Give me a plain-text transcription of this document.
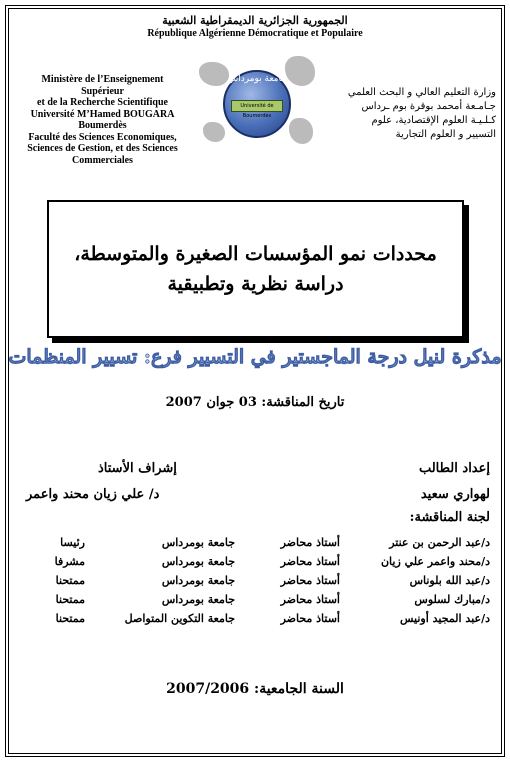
الجمهورية الجزائرية الديمقراطية الشعبية
République Algérienne Démocratique et Populaire
Ministère de l’Enseignement
Supérieur
et de la Recherche Scientifique
Université M’Hamed BOUGARA
Boumerdès
Faculté des Sciences Economiques,
Sciences de Gestion, et des Sciences
Commerciales
جامعة بومرداس
Université de Boumerdès
وزارة التعليم العالي و البحث العلمي
جـامـعة أمحمد بوقرة بوم ـرداس
كـلـيـة العلوم الإقتصادية، علوم
التسيير و العلوم التجارية
محددات نمو المؤسسات الصغيرة والمتوسطة،
دراسة نظرية وتطبيقية
مذكرة لنيل درجة الماجستير في التسيير فرع: تسيير المنظمات
تاريخ المناقشة: 03 جوان 2007
إعداد الطالب
لهواري سعيد
إشراف الأستاذ
د/ علي زيان محند واعمر
لجنة المناقشة:
د/عبد الرحمن بن عنتر
أستاذ محاضر
جامعة بومرداس
رئيسا
د/محند واعمر علي زيان
أستاذ محاضر
جامعة بومرداس
مشرفا
د/عبد الله بلوناس
أستاذ محاضر
جامعة بومرداس
ممتحنا
د/مبارك لسلوس
أستاذ محاضر
جامعة بومرداس
ممتحنا
د/عبد المجيد أونيس
أستاذ محاضر
جامعة التكوين المتواصل
ممتحنا
السنة الجامعية: 2007/2006
